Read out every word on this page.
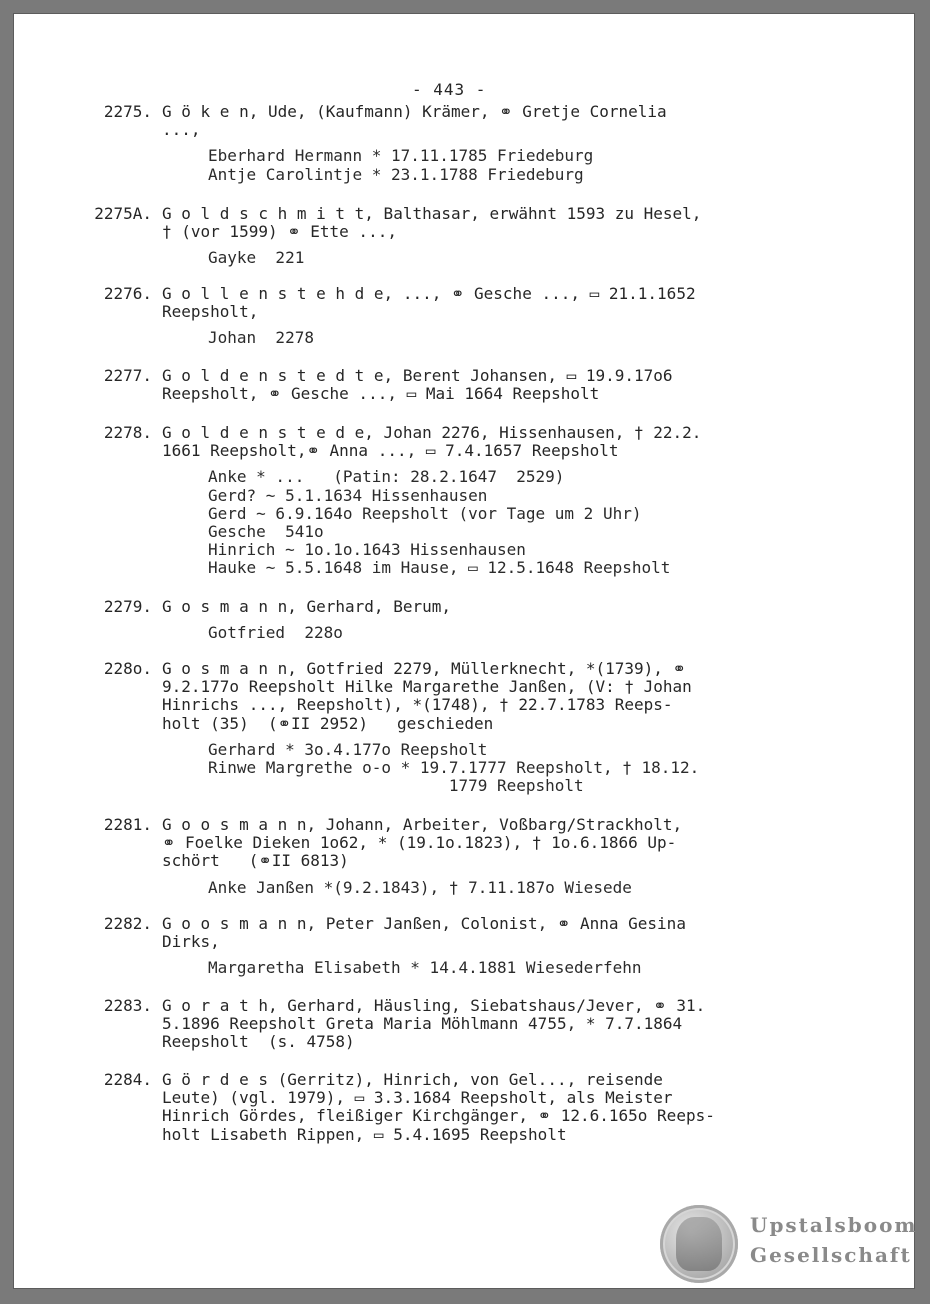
- 443 -
2275. G ö k e n, Ude, (Kaufmann) Krämer, ⚭ Gretje Cornelia
...,
Eberhard Hermann * 17.11.1785 Friedeburg
Antje Carolintje * 23.1.1788 Friedeburg
2275A. G o l d s c h m i t t, Balthasar, erwähnt 1593 zu Hesel,
† (vor 1599) ⚭ Ette ...,
Gayke  221
2276. G o l l e n s t e h d e, ..., ⚭ Gesche ..., ▭ 21.1.1652
Reepsholt,
Johan  2278
2277. G o l d e n s t e d t e, Berent Johansen, ▭ 19.9.17o6
Reepsholt, ⚭ Gesche ..., ▭ Mai 1664 Reepsholt
2278. G o l d e n s t e d e, Johan 2276, Hissenhausen, † 22.2.
1661 Reepsholt,⚭ Anna ..., ▭ 7.4.1657 Reepsholt
Anke * ...   (Patin: 28.2.1647  2529)
Gerd? ~ 5.1.1634 Hissenhausen
Gerd ~ 6.9.164o Reepsholt (vor Tage um 2 Uhr)
Gesche  541o
Hinrich ~ 1o.1o.1643 Hissenhausen
Hauke ~ 5.5.1648 im Hause, ▭ 12.5.1648 Reepsholt
2279. G o s m a n n, Gerhard, Berum,
Gotfried  228o
228o. G o s m a n n, Gotfried 2279, Müllerknecht, *(1739), ⚭
9.2.177o Reepsholt Hilke Margarethe Janßen, (V: † Johan
Hinrichs ..., Reepsholt), *(1748), † 22.7.1783 Reeps-
holt (35)  (⚭II 2952)   geschieden
Gerhard * 3o.4.177o Reepsholt
Rinwe Margrethe o-o * 19.7.1777 Reepsholt, † 18.12.
1779 Reepsholt
2281. G o o s m a n n, Johann, Arbeiter, Voßbarg/Strackholt,
⚭ Foelke Dieken 1o62, * (19.1o.1823), † 1o.6.1866 Up-
schört   (⚭II 6813)
Anke Janßen *(9.2.1843), † 7.11.187o Wiesede
2282. G o o s m a n n, Peter Janßen, Colonist, ⚭ Anna Gesina
Dirks,
Margaretha Elisabeth * 14.4.1881 Wiesederfehn
2283. G o r a t h, Gerhard, Häusling, Siebatshaus/Jever, ⚭ 31.
5.1896 Reepsholt Greta Maria Möhlmann 4755, * 7.7.1864
Reepsholt  (s. 4758)
2284. G ö r d e s (Gerritz), Hinrich, von Gel..., reisende
Leute) (vgl. 1979), ▭ 3.3.1684 Reepsholt, als Meister
Hinrich Gördes, fleißiger Kirchgänger, ⚭ 12.6.165o Reeps-
holt Lisabeth Rippen, ▭ 5.4.1695 Reepsholt
Upstalsboom
Gesellschaft
